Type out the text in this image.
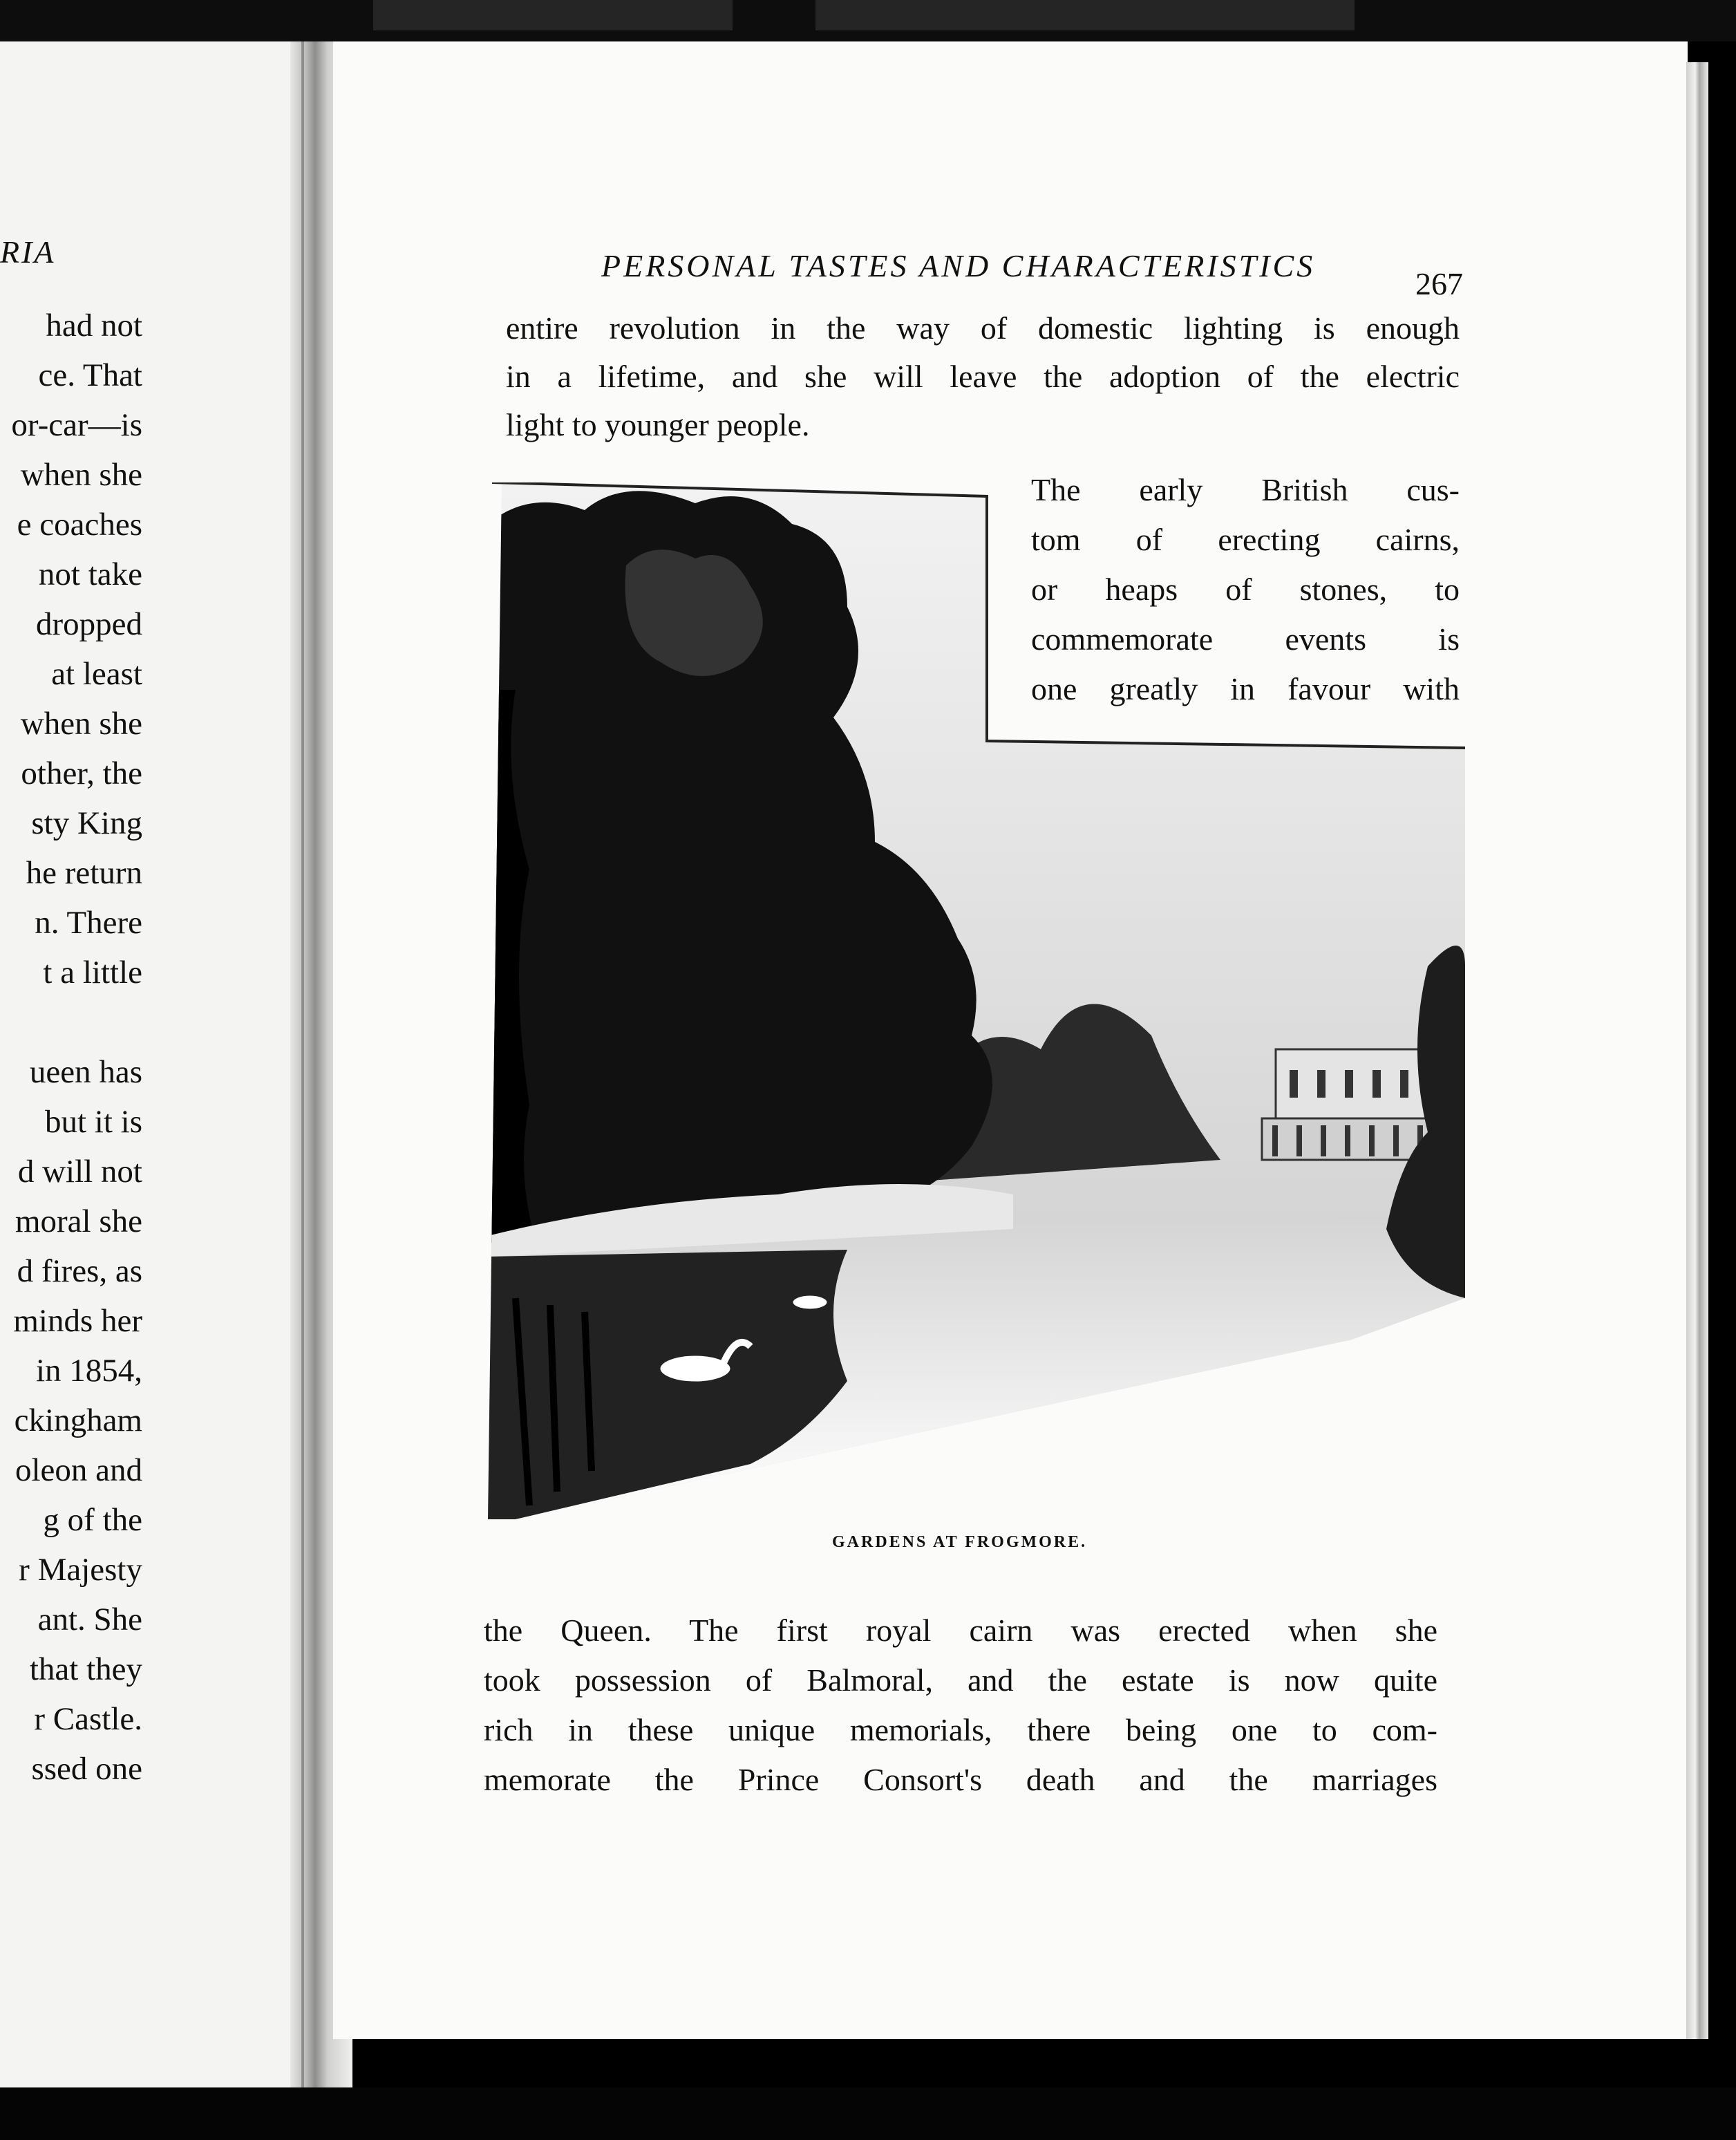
RIA
had not
ce. That
or-car—is
when she
e coaches
not take
dropped
at least
when she
other, the
sty King
he return
n. There
t a little
ueen has
but it is
d will not
moral she
d fires, as
minds her
in 1854,
ckingham
oleon and
g of the
r Majesty
ant. She
that they
r Castle.
ssed one
PERSONAL TASTES AND CHARACTERISTICS
267
entire revolution in the way of domestic lighting is enough
in a lifetime, and she will leave the adoption of the electric
light to younger people.
The early British cus-
tom of erecting cairns,
or heaps of stones, to
commemorate events is
one greatly in favour with
GARDENS AT FROGMORE.
the Queen. The first royal cairn was erected when she
took possession of Balmoral, and the estate is now quite
rich in these unique memorials, there being one to com-
memorate the Prince Consort's death and the marriages
